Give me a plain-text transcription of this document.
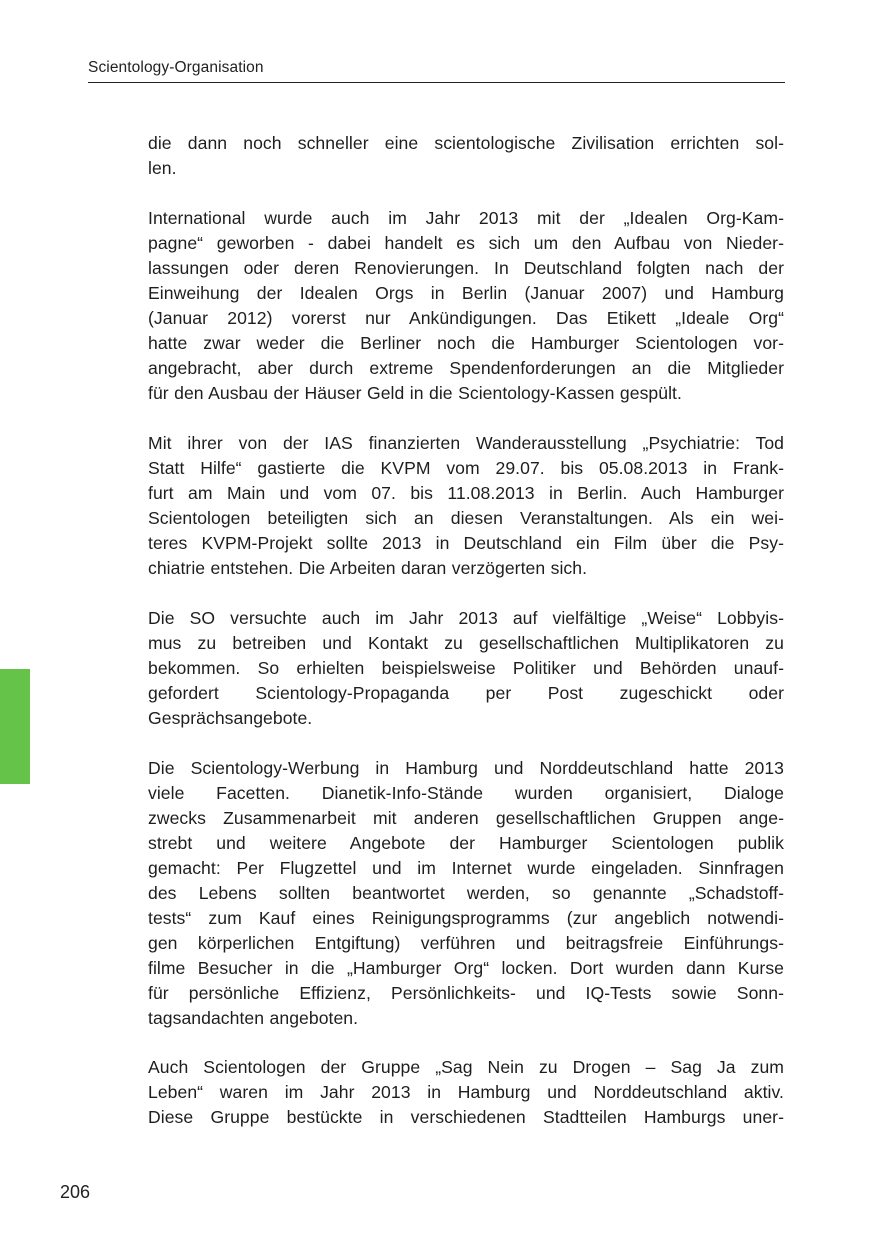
Scientology-Organisation
die dann noch schneller eine scientologische Zivilisation errichten sol-
len.
International wurde auch im Jahr 2013 mit der „Idealen Org-Kam-
pagne“ geworben - dabei handelt es sich um den Aufbau von Nieder-
lassungen oder deren Renovierungen. In Deutschland folgten nach der
Einweihung der Idealen Orgs in Berlin (Januar 2007) und Hamburg
(Januar 2012) vorerst nur Ankündigungen. Das Etikett „Ideale Org“
hatte zwar weder die Berliner noch die Hamburger Scientologen vor-
angebracht, aber durch extreme Spendenforderungen an die Mitglieder
für den Ausbau der Häuser Geld in die Scientology-Kassen gespült.
Mit ihrer von der IAS finanzierten Wanderausstellung „Psychiatrie: Tod
Statt Hilfe“ gastierte die KVPM vom 29.07. bis 05.08.2013 in Frank-
furt am Main und vom 07. bis 11.08.2013 in Berlin. Auch Hamburger
Scientologen beteiligten sich an diesen Veranstaltungen. Als ein wei-
teres KVPM-Projekt sollte 2013 in Deutschland ein Film über die Psy-
chiatrie entstehen. Die Arbeiten daran verzögerten sich.
Die SO versuchte auch im Jahr 2013 auf vielfältige „Weise“ Lobbyis-
mus zu betreiben und Kontakt zu gesellschaftlichen Multiplikatoren zu
bekommen. So erhielten beispielsweise Politiker und Behörden unauf-
gefordert Scientology-Propaganda per Post zugeschickt oder
Gesprächsangebote.
Die Scientology-Werbung in Hamburg und Norddeutschland hatte 2013
viele Facetten. Dianetik-Info-Stände wurden organisiert, Dialoge
zwecks Zusammenarbeit mit anderen gesellschaftlichen Gruppen ange-
strebt und weitere Angebote der Hamburger Scientologen publik
gemacht: Per Flugzettel und im Internet wurde eingeladen. Sinnfragen
des Lebens sollten beantwortet werden, so genannte „Schadstoff-
tests“ zum Kauf eines Reinigungsprogramms (zur angeblich notwendi-
gen körperlichen Entgiftung) verführen und beitragsfreie Einführungs-
filme Besucher in die „Hamburger Org“ locken. Dort wurden dann Kurse
für persönliche Effizienz, Persönlichkeits- und IQ-Tests sowie Sonn-
tagsandachten angeboten.
Auch Scientologen der Gruppe „Sag Nein zu Drogen – Sag Ja zum
Leben“ waren im Jahr 2013 in Hamburg und Norddeutschland aktiv.
Diese Gruppe bestückte in verschiedenen Stadtteilen Hamburgs uner-
206
